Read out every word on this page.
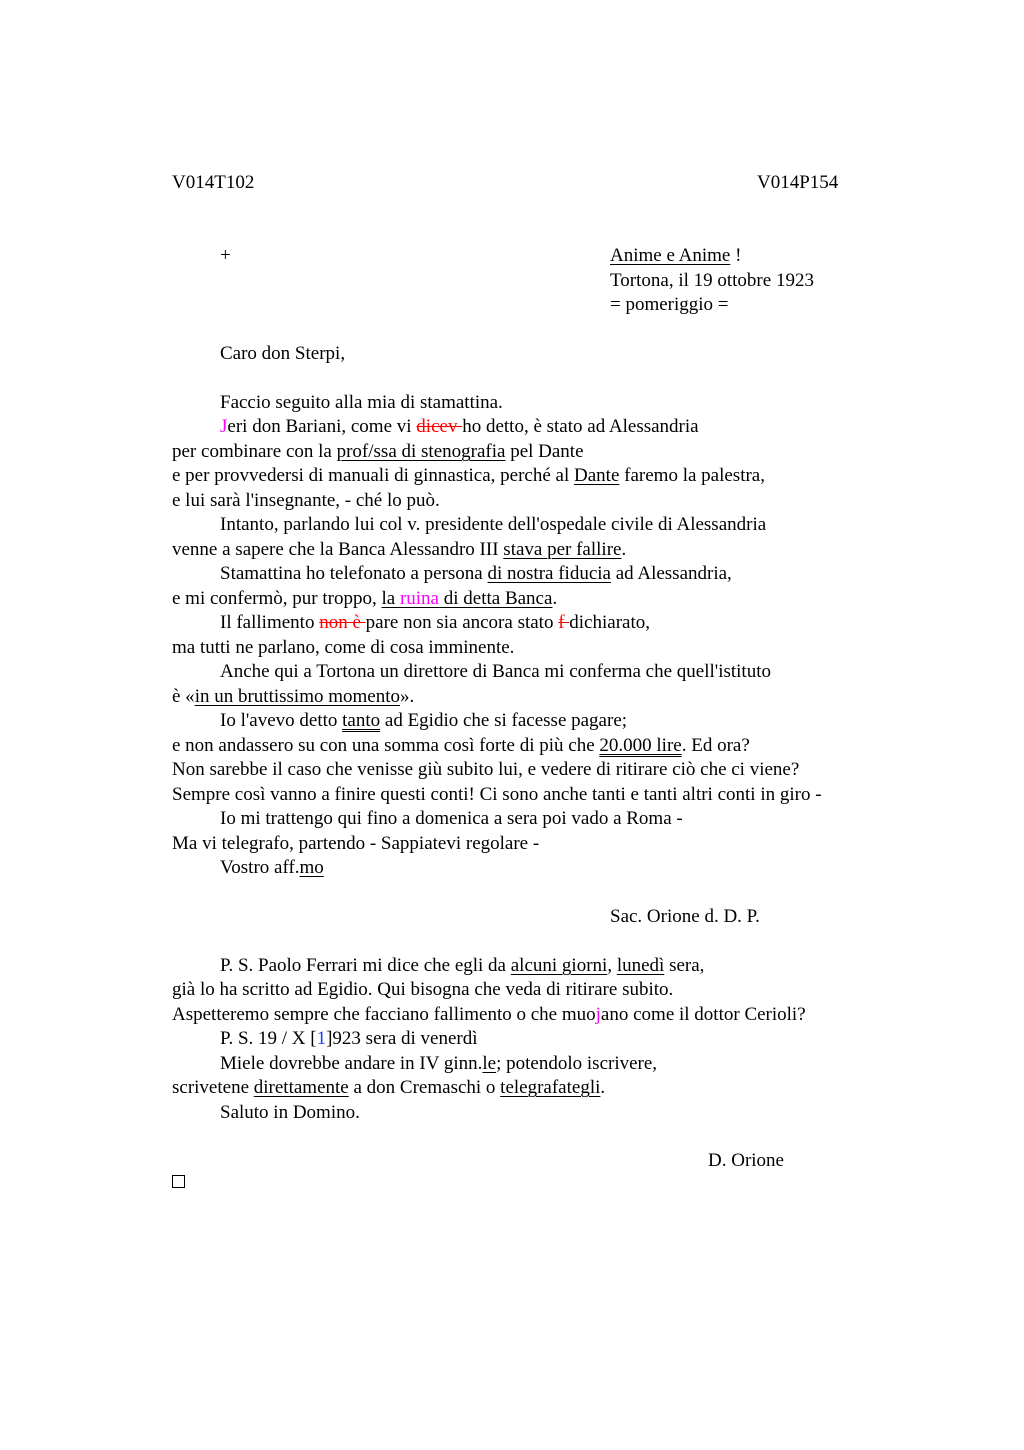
V014T102	V014P154
+	Anime e Anime !
Tortona, il 19 ottobre 1923
= pomeriggio =
Caro don Sterpi,
Faccio seguito alla mia di stamattina.
Jeri don Bariani, come vi dicev ho detto, è stato ad Alessandria
per combinare con la prof/ssa di stenografia pel Dante
e per provvedersi di manuali di ginnastica, perché al Dante faremo la palestra,
e lui sarà l'insegnante, - ché lo può.
Intanto, parlando lui col v. presidente dell'ospedale civile di Alessandria
venne a sapere che la Banca Alessandro III stava per fallire.
Stamattina ho telefonato a persona di nostra fiducia ad Alessandria,
e mi confermò, pur troppo, la ruina di detta Banca.
Il fallimento non è pare non sia ancora stato f dichiarato,
ma tutti ne parlano, come di cosa imminente.
Anche qui a Tortona un direttore di Banca mi conferma che quell'istituto
è «in un bruttissimo momento».
Io l'avevo detto tanto ad Egidio che si facesse pagare;
e non andassero su con una somma così forte di più che 20.000 lire. Ed ora?
Non sarebbe il caso che venisse giù subito lui, e vedere di ritirare ciò che ci viene?
Sempre così vanno a finire questi conti! Ci sono anche tanti e tanti altri conti in giro -
Io mi trattengo qui fino a domenica a sera poi vado a Roma -
Ma vi telegrafo, partendo - Sappiatevi regolare -
Vostro aff.mo
Sac. Orione d. D. P.
P. S. Paolo Ferrari mi dice che egli da alcuni giorni, lunedì sera,
già lo ha scritto ad Egidio. Qui bisogna che veda di ritirare subito.
Aspetteremo sempre che facciano fallimento o che muojano come il dottor Cerioli?
P. S. 19 / X [1]923 sera di venerdì
Miele dovrebbe andare in IV ginn.le; potendolo iscrivere,
scrivetene direttamente a don Cremaschi o telegrafategli.
Saluto in Domino.
D. Orione
